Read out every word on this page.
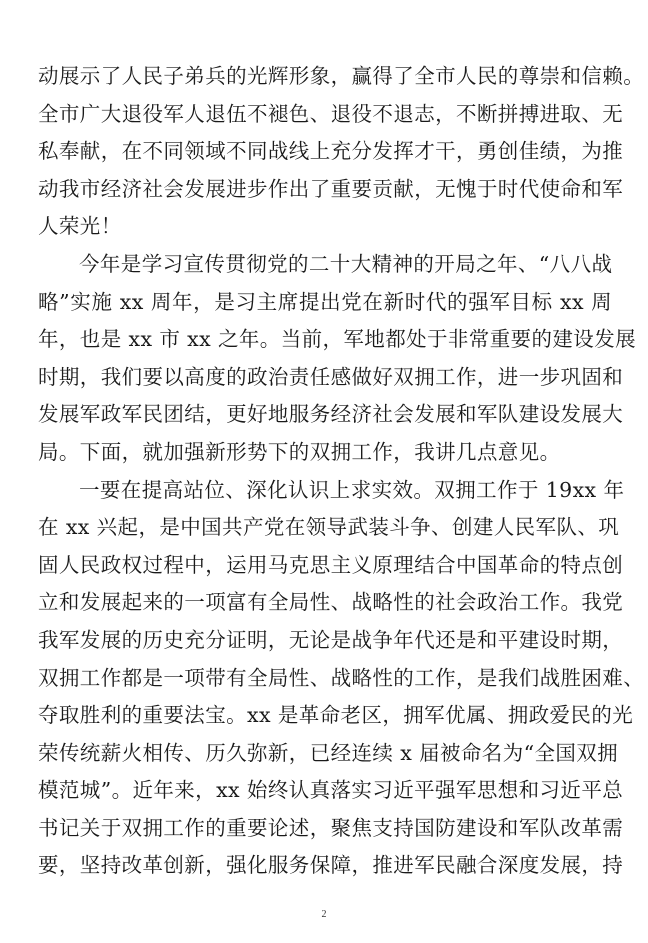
动展示了人民子弟兵的光辉形象，赢得了全市人民的尊崇和信赖。
全市广大退役军人退伍不褪色、退役不退志，不断拼搏进取、无
私奉献，在不同领域不同战线上充分发挥才干，勇创佳绩，为推
动我市经济社会发展进步作出了重要贡献，无愧于时代使命和军
人荣光！
今年是学习宣传贯彻党的二十大精神的开局之年、“八八战
略”实施 xx 周年，是习主席提出党在新时代的强军目标 xx 周
年，也是 xx 市 xx 之年。当前，军地都处于非常重要的建设发展
时期，我们要以高度的政治责任感做好双拥工作，进一步巩固和
发展军政军民团结，更好地服务经济社会发展和军队建设发展大
局。下面，就加强新形势下的双拥工作，我讲几点意见。
一要在提高站位、深化认识上求实效。双拥工作于 19xx 年
在 xx 兴起，是中国共产党在领导武装斗争、创建人民军队、巩
固人民政权过程中，运用马克思主义原理结合中国革命的特点创
立和发展起来的一项富有全局性、战略性的社会政治工作。我党
我军发展的历史充分证明，无论是战争年代还是和平建设时期，
双拥工作都是一项带有全局性、战略性的工作，是我们战胜困难、
夺取胜利的重要法宝。xx 是革命老区，拥军优属、拥政爱民的光
荣传统薪火相传、历久弥新，已经连续 x 届被命名为“全国双拥
模范城”。近年来，xx 始终认真落实习近平强军思想和习近平总
书记关于双拥工作的重要论述，聚焦支持国防建设和军队改革需
要，坚持改革创新，强化服务保障，推进军民融合深度发展，持
2
